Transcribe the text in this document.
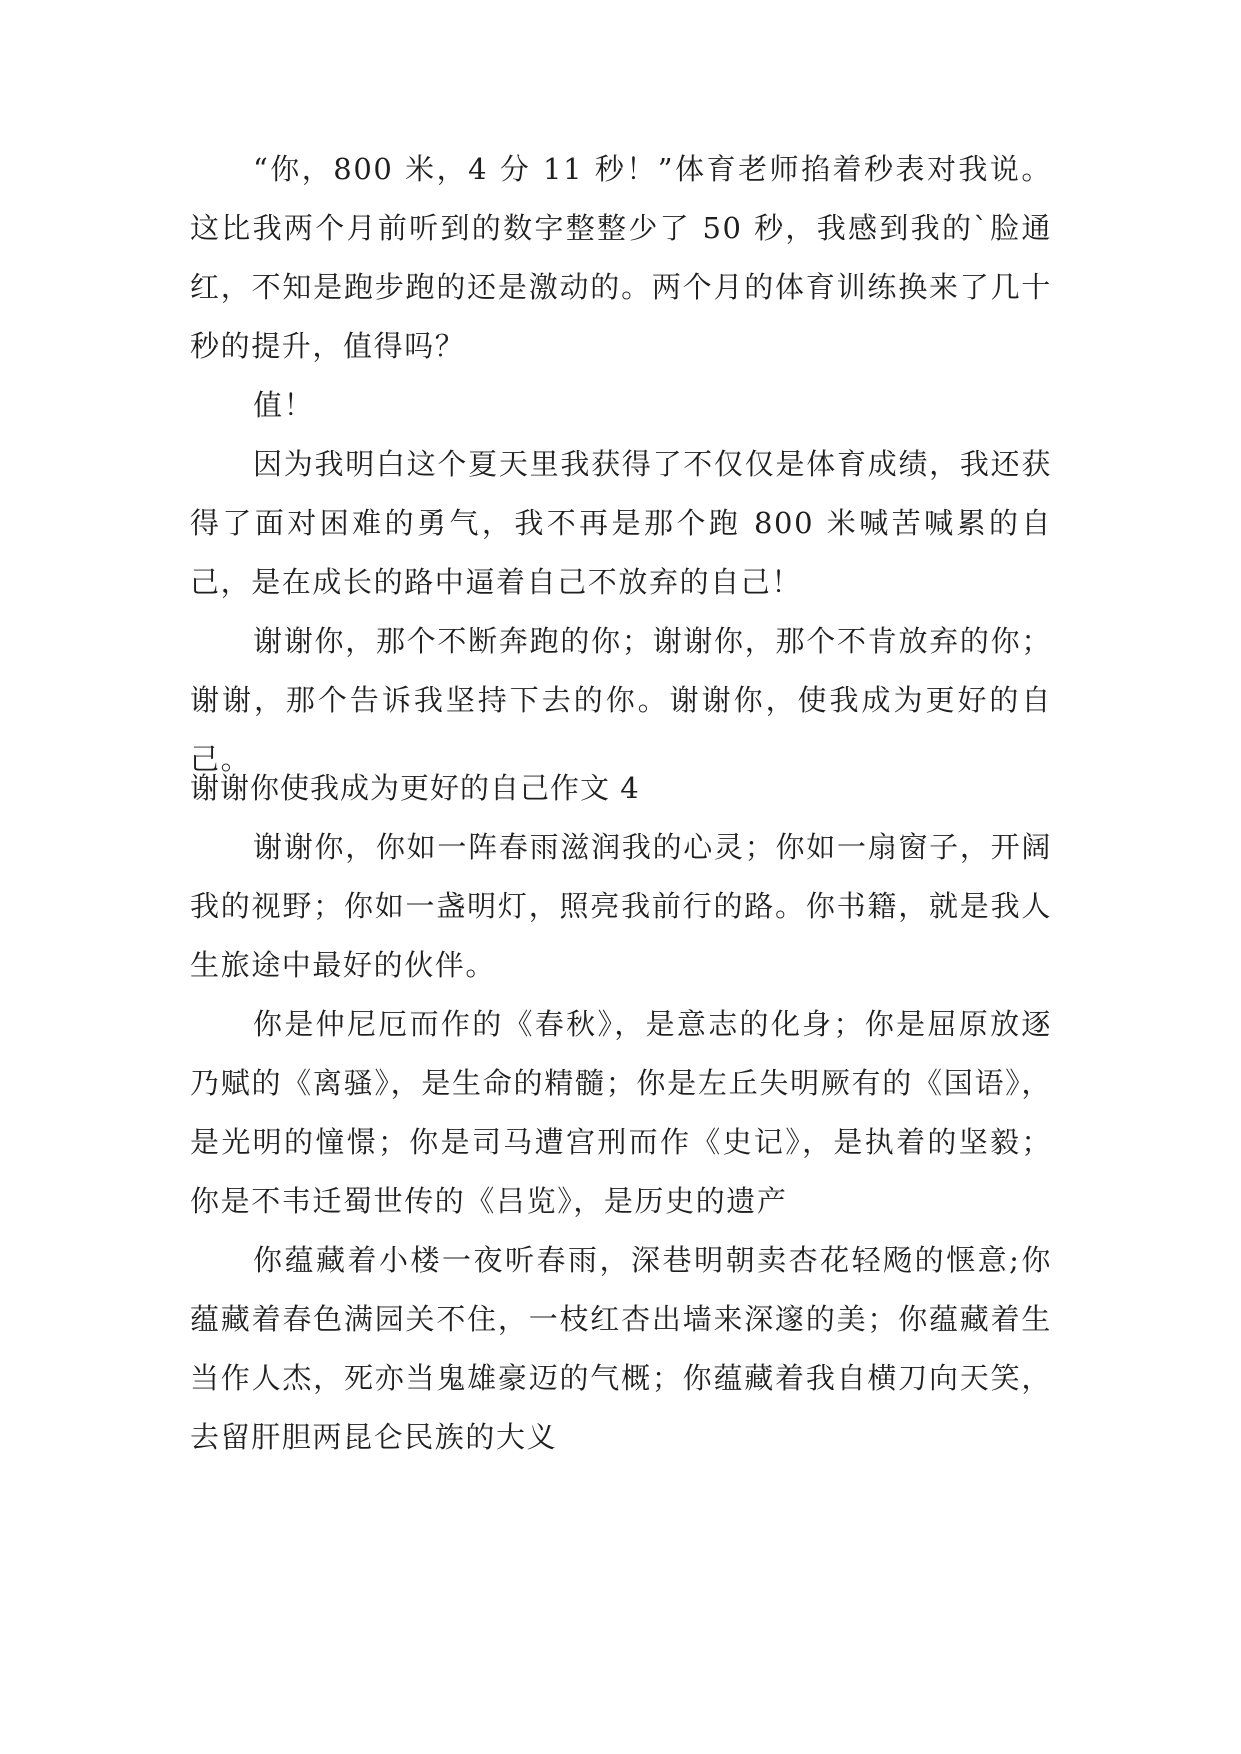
“你，800 米，4 分 11 秒！”体育老师掐着秒表对我说。这比我两个月前听到的数字整整少了 50 秒，我感到我的`脸通红，不知是跑步跑的还是激动的。两个月的体育训练换来了几十秒的提升，值得吗？

值！

因为我明白这个夏天里我获得了不仅仅是体育成绩，我还获得了面对困难的勇气，我不再是那个跑 800 米喊苦喊累的自己，是在成长的路中逼着自己不放弃的自己！

谢谢你，那个不断奔跑的你；谢谢你，那个不肯放弃的你；谢谢，那个告诉我坚持下去的你。谢谢你，使我成为更好的自己。

谢谢你使我成为更好的自己作文 4

谢谢你，你如一阵春雨滋润我的心灵；你如一扇窗子，开阔我的视野；你如一盏明灯，照亮我前行的路。你书籍，就是我人生旅途中最好的伙伴。

你是仲尼厄而作的《春秋》，是意志的化身；你是屈原放逐乃赋的《离骚》，是生命的精髓；你是左丘失明厥有的《国语》，是光明的憧憬；你是司马遭宫刑而作《史记》，是执着的坚毅；你是不韦迁蜀世传的《吕览》，是历史的遗产

你蕴藏着小楼一夜听春雨，深巷明朝卖杏花轻飏的惬意;你蕴藏着春色满园关不住，一枝红杏出墙来深邃的美；你蕴藏着生当作人杰，死亦当鬼雄豪迈的气概；你蕴藏着我自横刀向天笑，去留肝胆两昆仑民族的大义
